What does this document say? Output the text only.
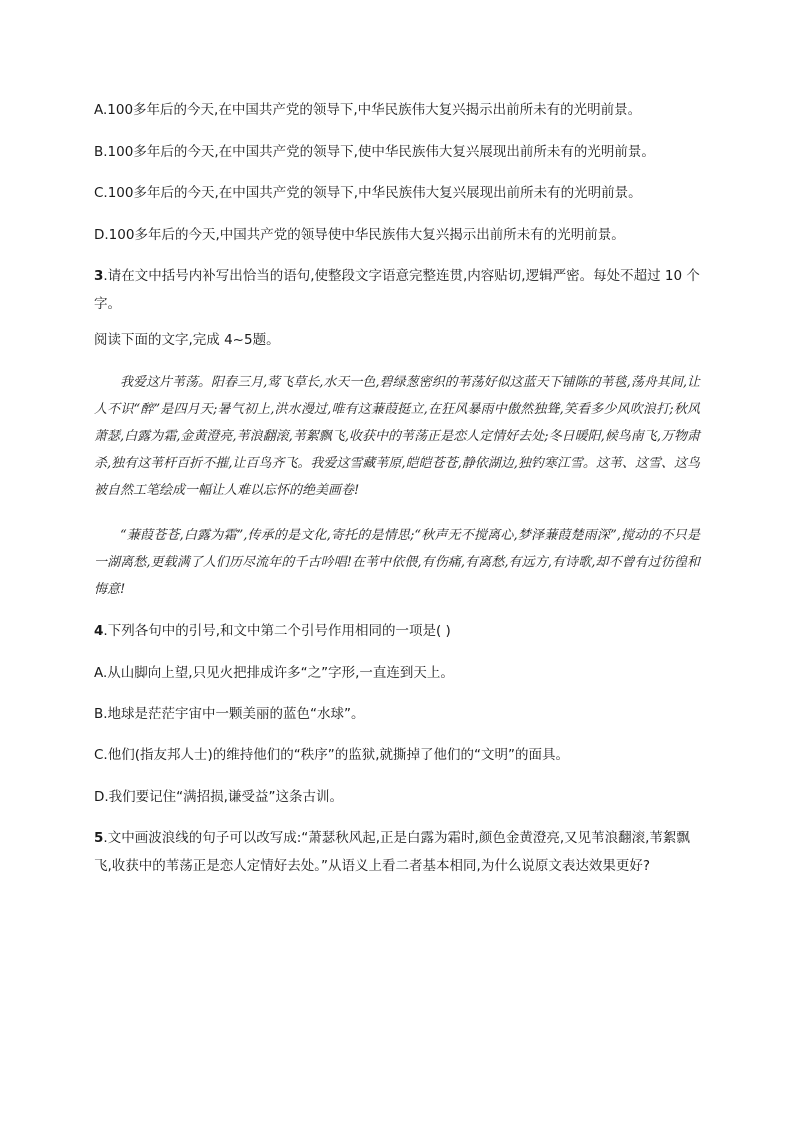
A.100多年后的今天,在中国共产党的领导下,中华民族伟大复兴揭示出前所未有的光明前景。
B.100多年后的今天,在中国共产党的领导下,使中华民族伟大复兴展现出前所未有的光明前景。
C.100多年后的今天,在中国共产党的领导下,中华民族伟大复兴展现出前所未有的光明前景。
D.100多年后的今天,中国共产党的领导使中华民族伟大复兴揭示出前所未有的光明前景。
3.请在文中括号内补写出恰当的语句,使整段文字语意完整连贯,内容贴切,逻辑严密。每处不超过 10 个字。
阅读下面的文字,完成 4~5题。
我爱这片苇荡。阳春三月,莺飞草长,水天一色,碧绿葱密织的苇荡好似这蓝天下铺陈的苇毯,荡舟其间,让人不识“醉”是四月天;暑气初上,洪水漫过,唯有这蒹葭挺立,在狂风暴雨中傲然独聳,笑看多少风吹浪打;秋风萧瑟,白露为霜,金黄澄亮,苇浪翻滚,苇絮飘飞,收获中的苇荡正是恋人定情好去处;冬日暖阳,候鸟南飞,万物肃杀,独有这苇杆百折不摧,让百鸟齐飞。我爱这雪藏苇原,皑皑苍苍,静依湖边,独钓寒江雪。这苇、这雪、这鸟被自然工笔绘成一幅让人难以忘怀的绝美画卷!
“蒹葭苍苍,白露为霜”,传承的是文化,寄托的是情思;“秋声无不搅离心,梦泽蒹葭楚雨深”,搅动的不只是一湖离愁,更载满了人们历尽流年的千古吟唱!在苇中依偎,有伤痛,有离愁,有远方,有诗歌,却不曾有过彷徨和悔意!
4.下列各句中的引号,和文中第二个引号作用相同的一项是( )
A.从山脚向上望,只见火把排成许多“之”字形,一直连到天上。
B.地球是茫茫宇宙中一颗美丽的蓝色“水球”。
C.他们(指友邦人士)的维持他们的“秩序”的监狱,就撕掉了他们的“文明”的面具。
D.我们要记住“满招损,谦受益”这条古训。
5.文中画波浪线的句子可以改写成:“萧瑟秋风起,正是白露为霜时,颜色金黄澄亮,又见苇浪翻滚,苇絮飘飞,收获中的苇荡正是恋人定情好去处。”从语义上看二者基本相同,为什么说原文表达效果更好?
